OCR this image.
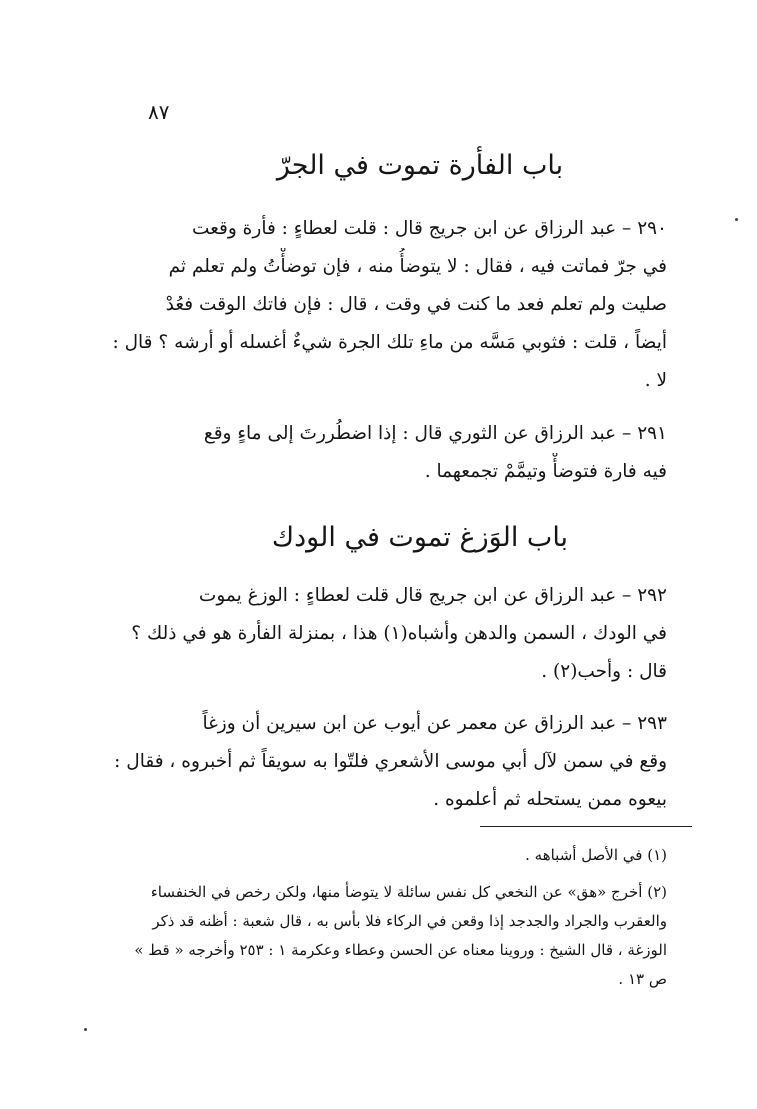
٨٧
باب الفأرة تموت في الجرّ
٢٩٠ – عبد الرزاق عن ابن جريج قال : قلت لعطاءٍ : فأرة وقعت
في جرّ فماتت فيه ، فقال : لا يتوضأُ منه ، فإن توضأْتُ ولم تعلم ثم
صليت ولم تعلم فعد ما كنت في وقت ، قال : فإن فاتك الوقت فعُدْ
أيضاً ، قلت : فثوبي مَسَّه من ماءِ تلك الجرة شيءٌ أغسله أو أرشه ؟ قال :
لا .
٢٩١ – عبد الرزاق عن الثوري قال : إذا اضطُررتَ إلى ماءٍ وقع
فيه فارة فتوضأْ وتيمَّمْ تجمعهما .
باب الوَزغ تموت في الودك
٢٩٢ – عبد الرزاق عن ابن جريج قال قلت لعطاءٍ : الوزغ يموت
في الودك ، السمن والدهن وأشباه(١) هذا ، بمنزلة الفأرة هو في ذلك ؟
قال : وأحب(٢) .
٢٩٣ – عبد الرزاق عن معمر عن أيوب عن ابن سيرين أن وزغاً
وقع في سمن لآل أبي موسى الأشعري فلتّوا به سويقاً ثم أخبروه ، فقال :
بيعوه ممن يستحله ثم أعلموه .
(١) في الأصل أشباهه .
(٢) أخرج «هق» عن النخعي كل نفس سائلة لا يتوضأ منها، ولكن رخص في الخنفساء
والعقرب والجراد والجدجد إذا وقعن في الركاء فلا بأس به ، قال شعبة : أظنه قد ذكر
الوزغة ، قال الشيخ : وروينا معناه عن الحسن وعطاء وعكرمة ١ : ٢٥٣ وأخرجه « قط »
ص ١٣ .
